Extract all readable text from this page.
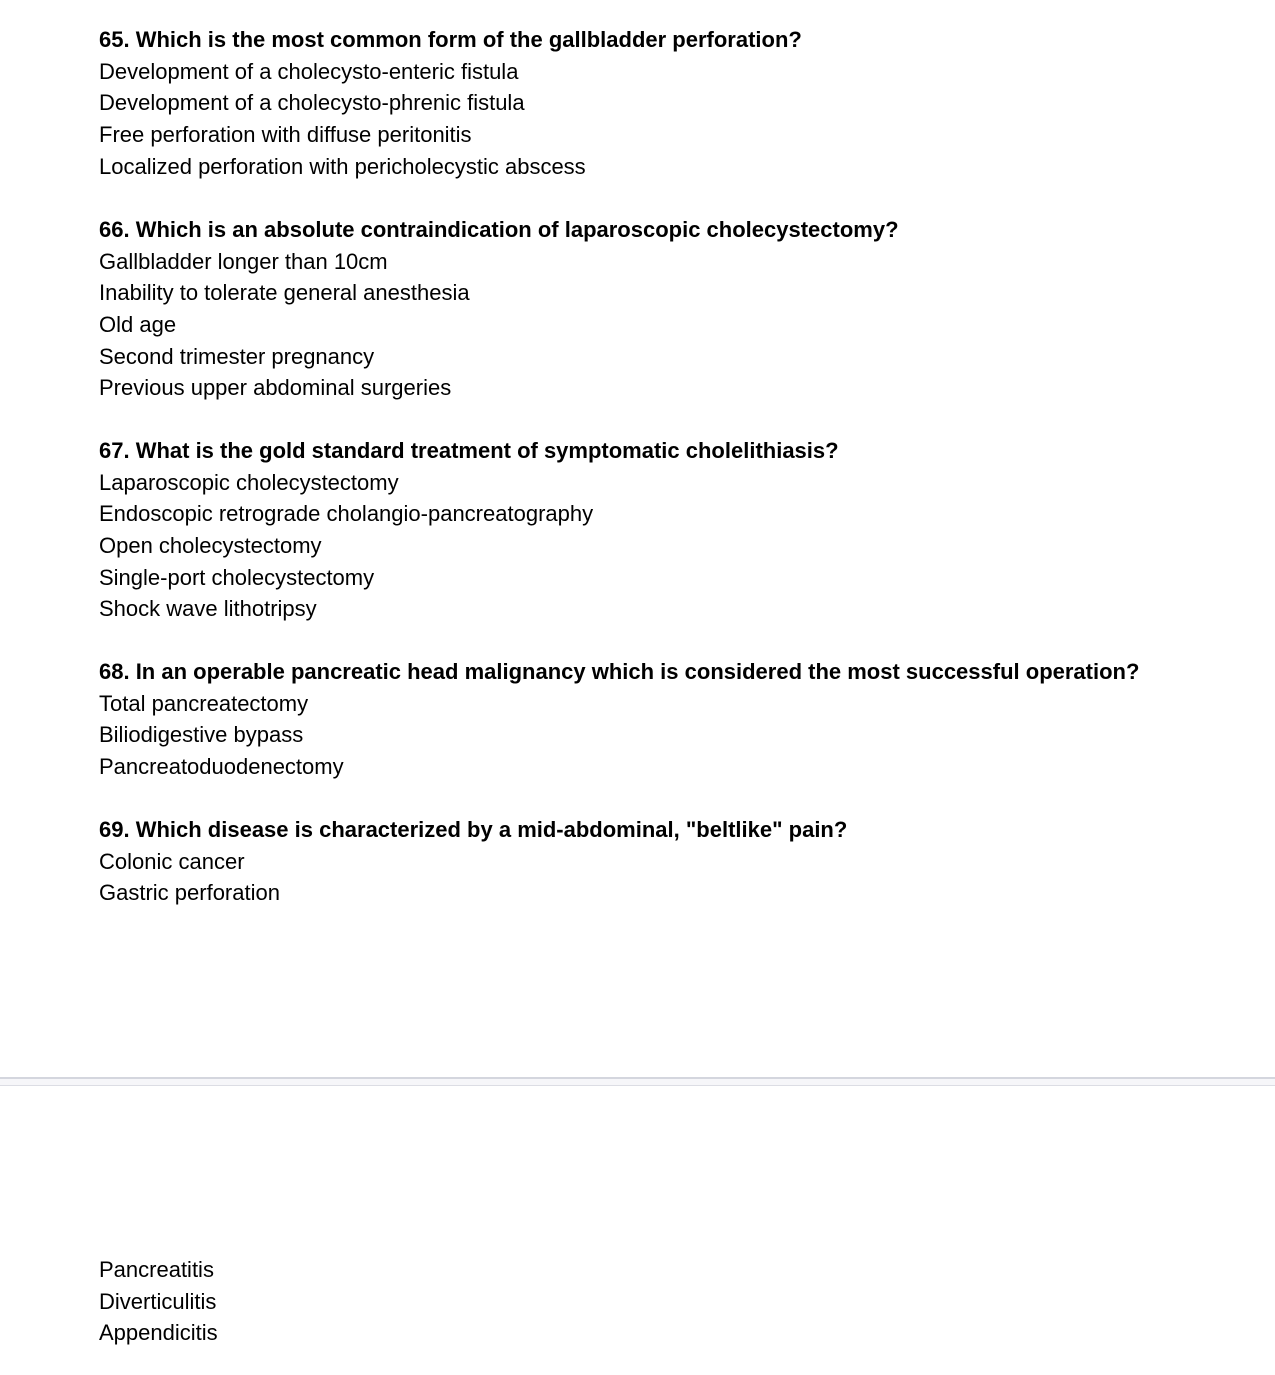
65. Which is the most common form of the gallbladder perforation?
Development of a cholecysto-enteric fistula
Development of a cholecysto-phrenic fistula
Free perforation with diffuse peritonitis
Localized perforation with pericholecystic abscess
66. Which is an absolute contraindication of laparoscopic cholecystectomy?
Gallbladder longer than 10cm
Inability to tolerate general anesthesia
Old age
Second trimester pregnancy
Previous upper abdominal surgeries
67. What is the gold standard treatment of symptomatic cholelithiasis?
Laparoscopic cholecystectomy
Endoscopic retrograde cholangio-pancreatography
Open cholecystectomy
Single-port cholecystectomy
Shock wave lithotripsy
68. In an operable pancreatic head malignancy which is considered the most successful operation?
Total pancreatectomy
Biliodigestive bypass
Pancreatoduodenectomy
69. Which disease is characterized by a mid-abdominal, "beltlike" pain?
Colonic cancer
Gastric perforation
Pancreatitis
Diverticulitis
Appendicitis
